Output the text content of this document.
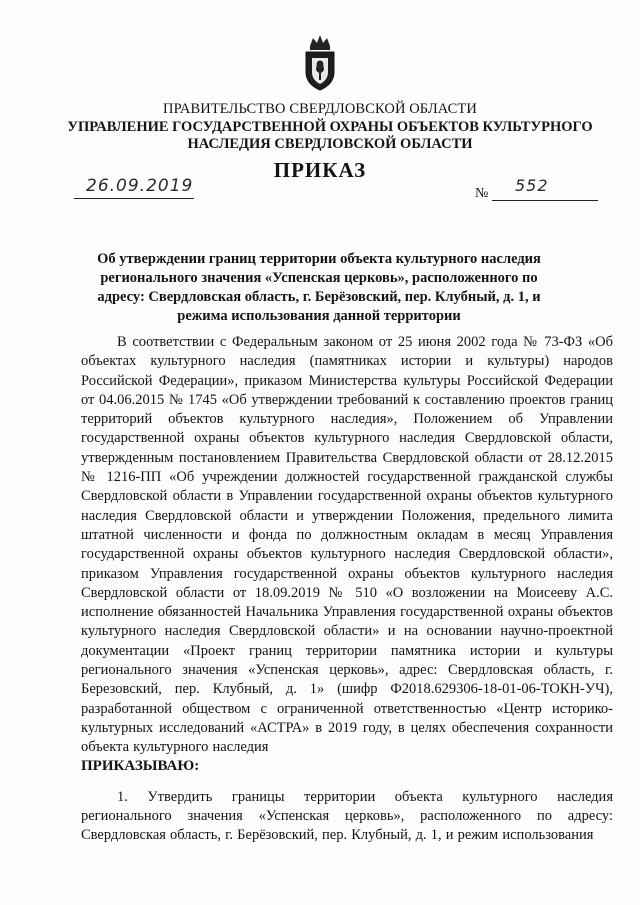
ПРАВИТЕЛЬСТВО СВЕРДЛОВСКОЙ ОБЛАСТИ
УПРАВЛЕНИЕ ГОСУДАРСТВЕННОЙ ОХРАНЫ ОБЪЕКТОВ КУЛЬТУРНОГО НАСЛЕДИЯ СВЕРДЛОВСКОЙ ОБЛАСТИ
ПРИКАЗ
26.09.2019	№ 552
Об утверждении границ территории объекта культурного наследия регионального значения «Успенская церковь», расположенного по адресу: Свердловская область, г. Берёзовский, пер. Клубный, д. 1, и режима использования данной территории
В соответствии с Федеральным законом от 25 июня 2002 года № 73-ФЗ «Об объектах культурного наследия (памятниках истории и культуры) народов Российской Федерации», приказом Министерства культуры Российской Федерации от 04.06.2015 № 1745 «Об утверждении требований к составлению проектов границ территорий объектов культурного наследия», Положением об Управлении государственной охраны объектов культурного наследия Свердловской области, утвержденным постановлением Правительства Свердловской области от 28.12.2015 № 1216-ПП «Об учреждении должностей государственной гражданской службы Свердловской области в Управлении государственной охраны объектов культурного наследия Свердловской области и утверждении Положения, предельного лимита штатной численности и фонда по должностным окладам в месяц Управления государственной охраны объектов культурного наследия Свердловской области», приказом Управления государственной охраны объектов культурного наследия Свердловской области от 18.09.2019 № 510 «О возложении на Моисееву А.С. исполнение обязанностей Начальника Управления государственной охраны объектов культурного наследия Свердловской области» и на основании научно-проектной документации «Проект границ территории памятника истории и культуры регионального значения «Успенская церковь», адрес: Свердловская область, г. Березовский, пер. Клубный, д. 1» (шифр Ф2018.629306-18-01-06-ТОКН-УЧ), разработанной обществом с ограниченной ответственностью «Центр историко-культурных исследований «АСТРА» в 2019 году, в целях обеспечения сохранности объекта культурного наследия
ПРИКАЗЫВАЮ:
1. Утвердить границы территории объекта культурного наследия регионального значения «Успенская церковь», расположенного по адресу: Свердловская область, г. Берёзовский, пер. Клубный, д. 1, и режим использования
